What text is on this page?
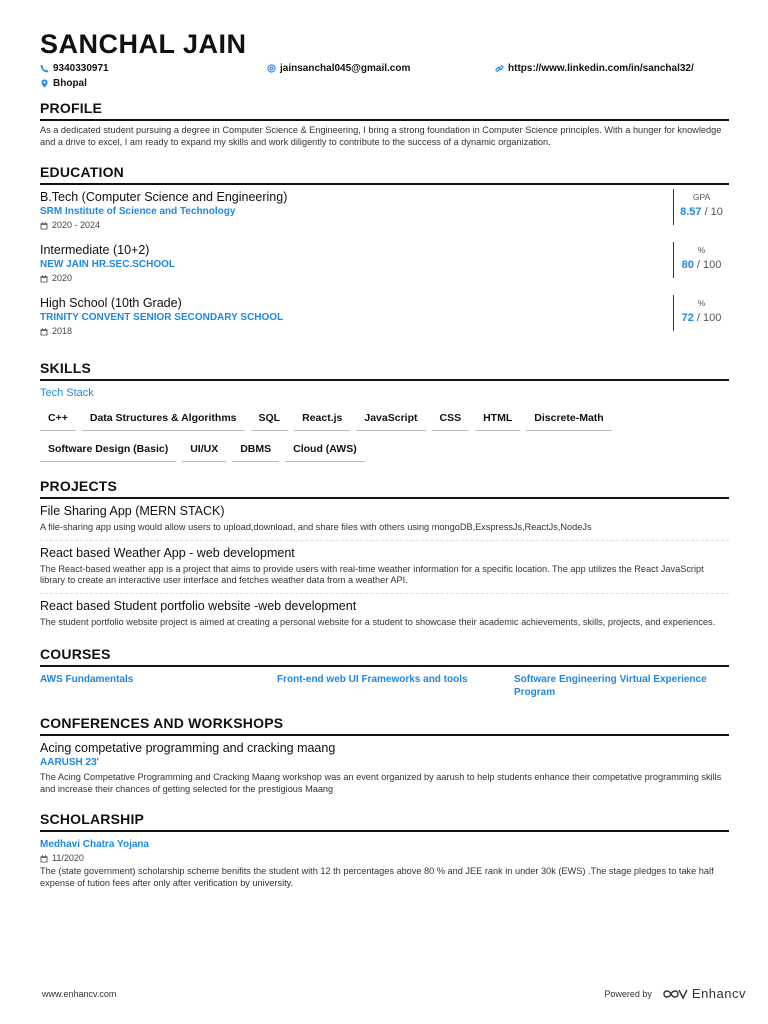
SANCHAL JAIN
9340330971	jainsanchal045@gmail.com	https://www.linkedin.com/in/sanchal32/
Bhopal
PROFILE
As a dedicated student pursuing a degree in Computer Science & Engineering, I bring a strong foundation in Computer Science principles. With a hunger for knowledge and a drive to excel, I am ready to expand my skills and work diligently to contribute to the success of a dynamic organization.
EDUCATION
B.Tech (Computer Science and Engineering)
SRM Institute of Science and Technology
2020 - 2024
GPA
8.57 / 10
Intermediate (10+2)
NEW JAIN HR.SEC.SCHOOL
2020
%
80 / 100
High School (10th Grade)
TRINITY CONVENT SENIOR SECONDARY SCHOOL
2018
%
72 / 100
SKILLS
Tech Stack
C++	Data Structures & Algorithms	SQL	React.js	JavaScript	CSS	HTML	Discrete-Math
Software Design (Basic)	UI/UX	DBMS	Cloud (AWS)
PROJECTS
File Sharing App (MERN STACK)
A file-sharing app using would allow users to upload,download, and share files with others using mongoDB,ExspressJs,ReactJs,NodeJs
React based Weather App - web development
The React-based weather app is a project that aims to provide users with real-time weather information for a specific location. The app utilizes the React JavaScript library to create an interactive user interface and fetches weather data from a weather API.
React based Student portfolio website -web development
The student portfolio website project is aimed at creating a personal website for a student to showcase their academic achievements, skills, projects, and experiences.
COURSES
AWS Fundamentals	Front-end web UI Frameworks and tools	Software Engineering Virtual Experience Program
CONFERENCES AND WORKSHOPS
Acing competative programming and cracking maang
AARUSH 23'
The Acing Competative Programming and Cracking Maang workshop was an event organized by aarush to help students enhance their competative programming skills and increase their chances of getting selected for the prestigious Maang
SCHOLARSHIP
Medhavi Chatra Yojana
11/2020
The (state government) scholarship scheme benifits the student with 12 th percentages above 80 % and JEE rank in under 30k (EWS) .The stage pledges to take half expense of tution fees after only after verification by university.
www.enhancv.com	Powered by	Enhancv
